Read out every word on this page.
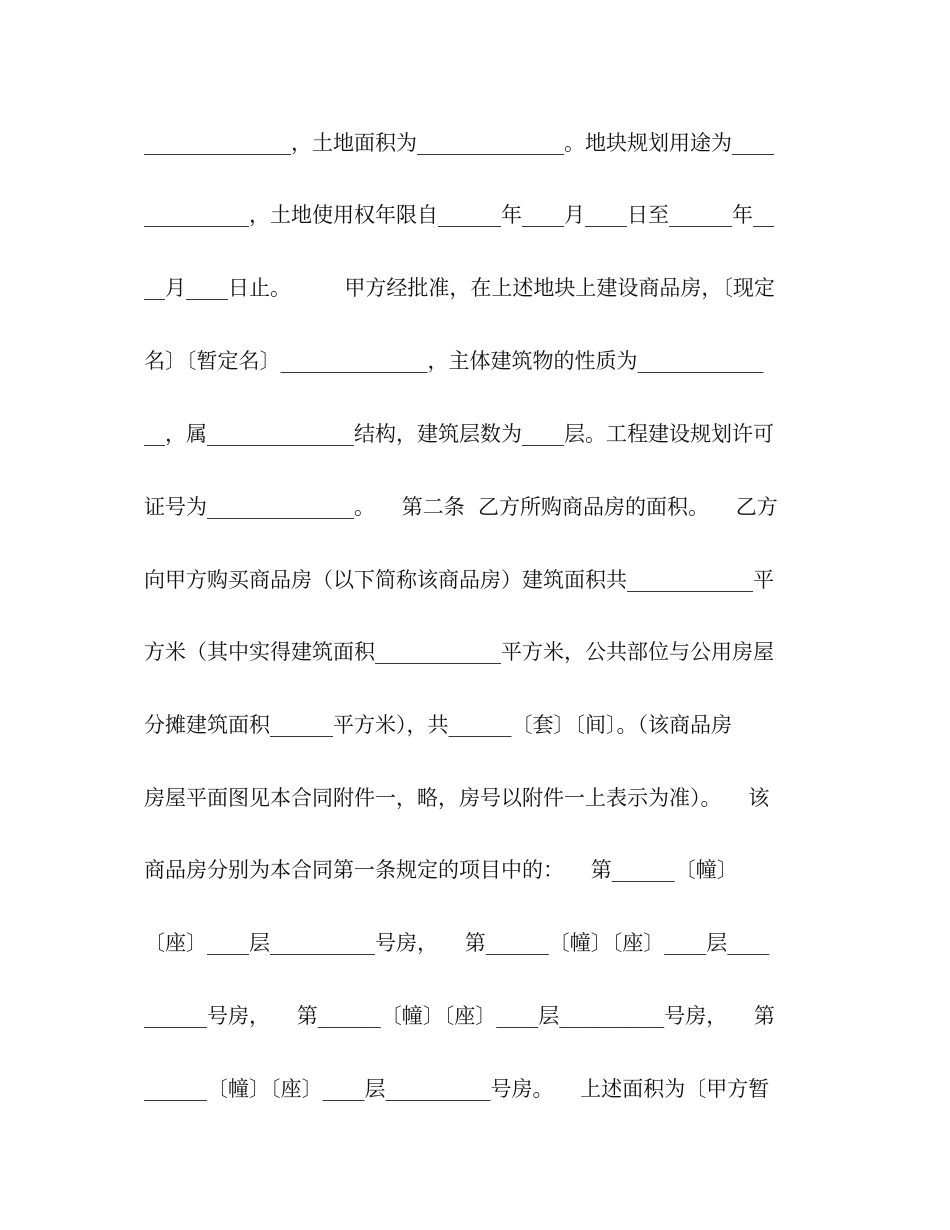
______________，土地面积为______________。地块规划用途为____
__________，土地使用权年限自______年____月____日至______年__
__月____日止。        甲方经批准，在上述地块上建设商品房，〔现定
名〕〔暂定名〕______________，主体建筑物的性质为____________
__，属______________结构，建筑层数为____层。工程建设规划许可
证号为______________。    第二条  乙方所购商品房的面积。    乙方
向甲方购买商品房（以下简称该商品房）建筑面积共____________平
方米（其中实得建筑面积____________平方米，公共部位与公用房屋
分摊建筑面积______平方米），共______〔套〕〔间〕。（该商品房
房屋平面图见本合同附件一，略，房号以附件一上表示为准）。    该
商品房分别为本合同第一条规定的项目中的：    第______〔幢〕
〔座〕____层__________号房，    第______〔幢〕〔座〕____层____
______号房，    第______〔幢〕〔座〕____层__________号房，    第
______〔幢〕〔座〕____层__________号房。    上述面积为〔甲方暂
